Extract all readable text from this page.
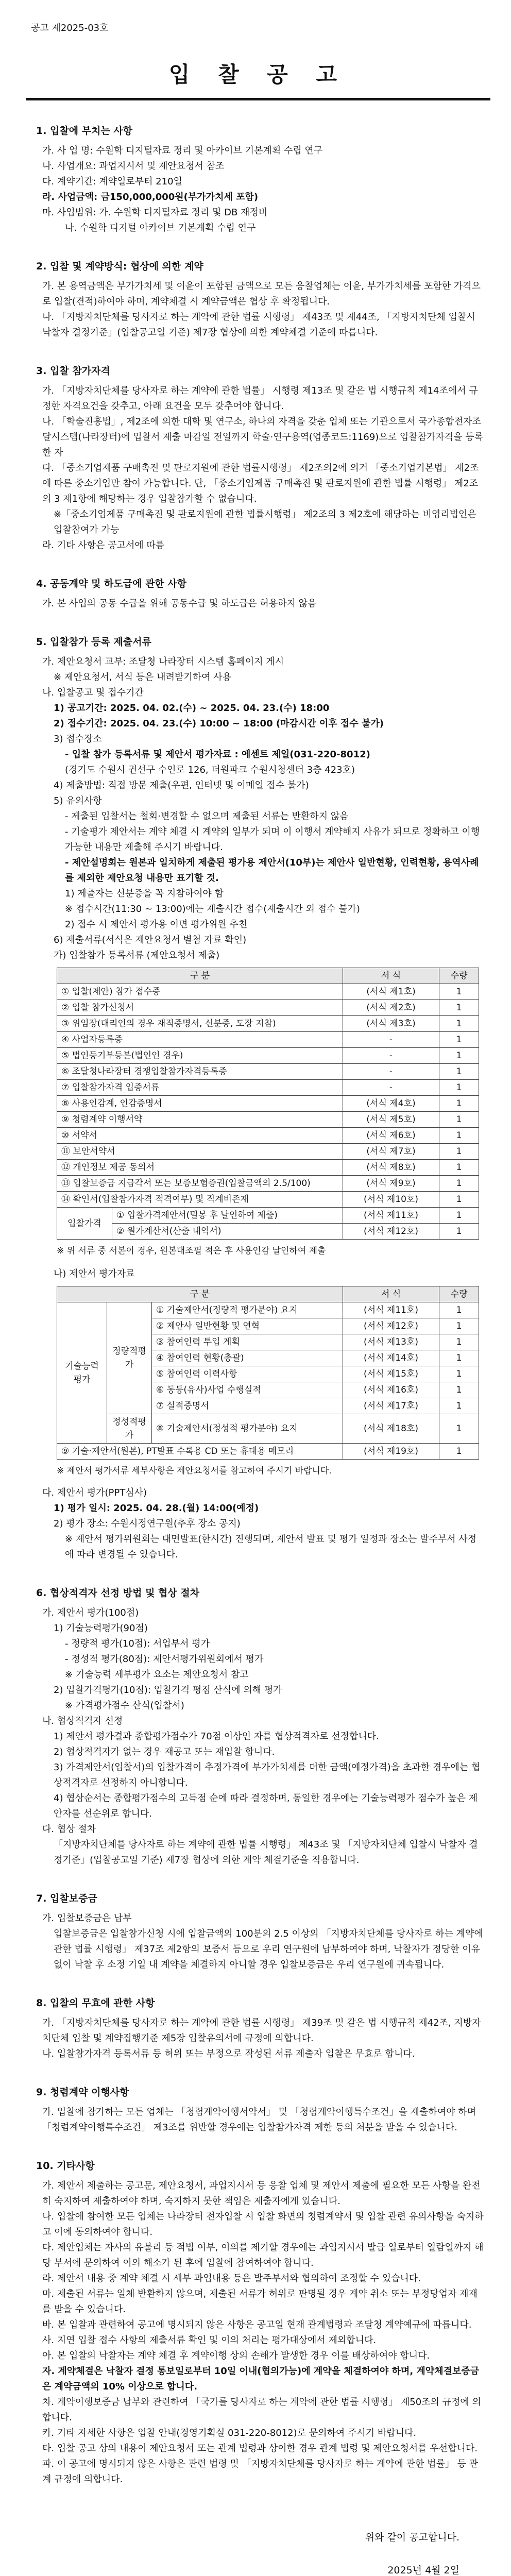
공고 제2025-03호
입 찰 공 고
1. 입찰에 부치는 사항

가. 사 업 명: 수원학 디지털자료 정리 및 아카이브 기본계획 수립 연구

나. 사업개요: 과업지시서 및 제안요청서 참조

다. 계약기간: 계약일로부터 210일

라. 사업금액: 금150,000,000원(부가가치세 포함)

마. 사업범위: 가. 수원학 디지털자료 정리 및 DB 재정비

나. 수원학 디지털 아카이브 기본계획 수립 연구

2. 입찰 및 계약방식: 협상에 의한 계약

가. 본 용역금액은 부가가치세 및 이윤이 포함된 금액으로 모든 응찰업체는 이윤, 부가가치세를 포함한 가격으로 입찰(견적)하여야 하며, 계약체결 시 계약금액은 협상 후 확정됩니다.

나. 「지방자치단체를 당사자로 하는 계약에 관한 법률 시행령」 제43조 및 제44조, 「지방자치단체 입찰시 낙찰자 결정기준」(입찰공고일 기준) 제7장 협상에 의한 계약체결 기준에 따릅니다.

3. 입찰 참가자격

가. 「지방자치단체를 당사자로 하는 계약에 관한 법률」 시행령 제13조 및 같은 법 시행규칙 제14조에서 규정한 자격요건을 갖추고, 아래 요건을 모두 갖추어야 합니다.

나. 「학술진흥법」, 제2조에 의한 대학 및 연구소, 하나의 자격을 갖춘 업체 또는 기관으로서 국가종합전자조달시스템(나라장터)에 입찰서 제출 마감일 전일까지 학술·연구용역(업종코드:1169)으로 입찰참가자격을 등록한 자

다. 「중소기업제품 구매촉진 및 판로지원에 관한 법률시행령」 제2조의2에 의거 「중소기업기본법」 제2조에 따른 중소기업만 참여 가능합니다. 단, 「중소기업제품 구매촉진 및 판로지원에 관한 법률 시행령」 제2조의 3 제1항에 해당하는 경우 입찰참가할 수 없습니다.

※「중소기업제품 구매촉진 및 판로지원에 관한 법률시행령」 제2조의 3 제2호에 해당하는 비영리법인은 입찰참여가 가능

라. 기타 사항은 공고서에 따름

4. 공동계약 및 하도급에 관한 사항

가. 본 사업의 공동 수급을 위해 공동수급 및 하도급은 허용하지 않음

5. 입찰참가 등록 제출서류

가. 제안요청서 교부: 조달청 나라장터 시스템 홈페이지 게시

※ 제안요청서, 서식 등은 내려받기하여 사용

나. 입찰공고 및 접수기간

1) 공고기간: 2025. 04. 02.(수) ~ 2025. 04. 23.(수) 18:00

2) 접수기간: 2025. 04. 23.(수) 10:00 ~ 18:00 (마감시간 이후 접수 불가)

3) 접수장소

- 입찰 참가 등록서류 및 제안서 평가자료 : 에센트 제일(031-220-8012)

(경기도 수원시 권선구 수인로 126, 더원파크 수원시청센터 3층 423호)

4) 제출방법: 직접 방문 제출(우편, 인터넷 및 이메일 접수 불가)

5) 유의사항

- 제출된 입찰서는 철회·변경할 수 없으며 제출된 서류는 반환하지 않음

- 기술평가 제안서는 계약 체결 시 계약의 일부가 되며 이 이행서 계약해지 사유가 되므로 정확하고 이행가능한 내용만 제출해 주시기 바랍니다.

- 제안설명회는 원본과 일치하게 제출된 평가용 제안서(10부)는 제안사 일반현황, 인력현황, 용역사례를 제외한 제안요청 내용만 표기할 것.

1) 제출자는 신분증을 꼭 지참하여야 함

※ 접수시간(11:30 ~ 13:00)에는 제출시간 접수(제출시간 외 접수 불가)

2) 접수 시 제안서 평가용 이면 평가위원 추천

6) 제출서류(서식은 제안요청서 별첨 자료 확인)

가) 입찰참가 등록서류 (제안요청서 제출)

구 분		서 식	수량
① 입찰(제안) 참가 접수증		(서식 제1호)	1
② 입찰 참가신청서		(서식 제2호)	1
③ 위임장(대리인의 경우 재직증명서, 신분증, 도장 지참)		(서식 제3호)	1
④ 사업자등록증		-	1
⑤ 법인등기부등본(법인인 경우)		-	1
⑥ 조달청나라장터 경쟁입찰참가자격등록증		-	1
⑦ 입찰참가자격 입증서류		-	1
⑧ 사용인감계, 인감증명서		(서식 제4호)	1
⑨ 청렴계약 이행서약		(서식 제5호)	1
⑩ 서약서		(서식 제6호)	1
⑪ 보안서약서		(서식 제7호)	1
⑫ 개인정보 제공 동의서		(서식 제8호)	1
⑬ 입찰보증금 지급각서 또는 보증보험증권(입찰금액의 2.5/100)		(서식 제9호)	1
⑭ 확인서(입찰참가자격 적격여부) 및 직계비존재		(서식 제10호)	1
입찰가격	① 입찰가격제안서(밀봉 후 날인하여 제출)	(서식 제11호)	1
	② 원가계산서(산출 내역서)	(서식 제12호)	1
※ 위 서류 중 서본이 경우, 원본대조필 적은 후 사용인감 날인하여 제출

나) 제안서 평가자료

구 분			서 식	수량
기술능력평가	정량적평가	① 기술제안서(정량적 평가분야) 요지	(서식 제11호)	1
		② 제안사 일반현황 및 연혁	(서식 제12호)	1
		③ 참여인력 투입 계획	(서식 제13호)	1
		④ 참여인력 현황(총괄)	(서식 제14호)	1
		⑤ 참여인력 이력사항	(서식 제15호)	1
		⑥ 동등(유사)사업 수행실적	(서식 제16호)	1
		⑦ 실적증명서	(서식 제17호)	1
	정성적평가	⑧ 기술제안서(정성적 평가분야) 요지	(서식 제18호)	1
⑨ 기술·제안서(원본), PT발표 수록용 CD 또는 휴대용 메모리			(서식 제19호)	1
※ 제안서 평가서류 세부사항은 제안요청서를 참고하여 주시기 바랍니다.

다. 제안서 평가(PPT심사)

1) 평가 일시: 2025. 04. 28.(월) 14:00(예정)

2) 평가 장소: 수원시정연구원(추후 장소 공지)

※ 제안서 평가위원회는 대면발표(한시간) 진행되며, 제안서 발표 및 평가 일정과 장소는 발주부서 사정에 따라 변경될 수 있습니다.

6. 협상적격자 선정 방법 및 협상 절차

가. 제안서 평가(100점)

1) 기술능력평가(90점)

- 정량적 평가(10점): 서업부서 평가

- 정성적 평가(80점): 제안서평가위원회에서 평가

※ 기술능력 세부평가 요소는 제안요청서 참고

2) 입찰가격평가(10점): 입찰가격 평점 산식에 의해 평가

※ 가격평가점수 산식(입찰서)

나. 협상적격자 선정

1) 제안서 평가결과 종합평가점수가 70점 이상인 자를 협상적격자로 선정합니다.

2) 협상적격자가 없는 경우 재공고 또는 재입찰 합니다.

3) 가격제안서(입찰서)의 입찰가격이 추정가격에 부가가치세를 더한 금액(예정가격)을 초과한 경우에는 협상적격자로 선정하지 아니합니다.

4) 협상순서는 종합평가점수의 고득점 순에 따라 결정하며, 동일한 경우에는 기술능력평가 점수가 높은 제안자를 선순위로 합니다.

다. 협상 절차

「지방자치단체를 당사자로 하는 계약에 관한 법률 시행령」 제43조 및 「지방자치단체 입찰시 낙찰자 결정기준」(입찰공고일 기준) 제7장 협상에 의한 계약 체결기준을 적용합니다.

7. 입찰보증금

가. 입찰보증금은 납부

입찰보증금은 입찰참가신청 시에 입찰금액의 100분의 2.5 이상의 「지방자치단체를 당사자로 하는 계약에 관한 법률 시행령」 제37조 제2항의 보증서 등으로 우리 연구원에 납부하여야 하며, 낙찰자가 정당한 이유 없이 낙찰 후 소정 기일 내 계약을 체결하지 아니할 경우 입찰보증금은 우리 연구원에 귀속됩니다.

8. 입찰의 무효에 관한 사항

가. 「지방자치단체를 당사자로 하는 계약에 관한 법률 시행령」 제39조 및 같은 법 시행규칙 제42조, 지방자치단체 입찰 및 계약집행기준 제5장 입찰유의서에 규정에 의합니다.

나. 입찰참가자격 등록서류 등 허위 또는 부정으로 작성된 서류 제출자 입찰은 무효로 합니다.

9. 청렴계약 이행사항

가. 입찰에 참가하는 모든 업체는 「청렴계약이행서약서」 및 「청렴계약이행특수조건」을 제출하여야 하며 「청렴계약이행특수조건」 제3조를 위반할 경우에는 입찰참가자격 제한 등의 처분을 받을 수 있습니다.

10. 기타사항

가. 제안서 제출하는 공고문, 제안요청서, 과업지시서 등 응찰 업체 및 제안서 제출에 필요한 모든 사항을 완전히 숙지하여 제출하여야 하며, 숙지하지 못한 책임은 제출자에게 있습니다.

나. 입찰에 참여한 모든 업체는 나라장터 전자입찰 시 입찰 화면의 청렴계약서 및 입찰 관련 유의사항을 숙지하고 이에 동의하여야 합니다.

다. 제안업체는 자사의 유불리 등 적법 여부, 이의를 제기할 경우에는 과업지시서 발급 일로부터 열람일까지 해당 부서에 문의하여 이의 해소가 된 후에 입찰에 참여하여야 합니다.

라. 제안서 내용 중 계약 체결 시 세부 과업내용 등은 발주부서와 협의하여 조정할 수 있습니다.

마. 제출된 서류는 일체 반환하지 않으며, 제출된 서류가 허위로 판명될 경우 계약 취소 또는 부정당업자 제재를 받을 수 있습니다.

바. 본 입찰과 관련하여 공고에 명시되지 않은 사항은 공고일 현재 관계법령과 조달청 계약예규에 따릅니다.

사. 지연 입찰 접수 사항의 제출서류 확인 및 이의 처리는 평가대상에서 제외합니다.

아. 본 입찰의 낙찰자는 계약 체결 후 계약이행 상의 손해가 발생한 경우 이를 배상하여야 합니다.

자. 계약체결은 낙찰자 결정 통보일로부터 10일 이내(협의가능)에 계약을 체결하여야 하며, 계약체결보증금은 계약금액의 10% 이상으로 합니다.

차. 계약이행보증금 납부와 관련하여 「국가를 당사자로 하는 계약에 관한 법률 시행령」 제50조의 규정에 의합니다.

카. 기타 자세한 사항은 입찰 안내(경영기획실 031-220-8012)로 문의하여 주시기 바랍니다.

타. 입찰 공고 상의 내용이 제안요청서 또는 관계 법령과 상이한 경우 관계 법령 및 제안요청서를 우선합니다.

파. 이 공고에 명시되지 않은 사항은 관련 법령 및 「지방자치단체를 당사자로 하는 계약에 관한 법률」 등 관계 규정에 의합니다.

위와 같이 공고합니다.
2025년 4월 2일
